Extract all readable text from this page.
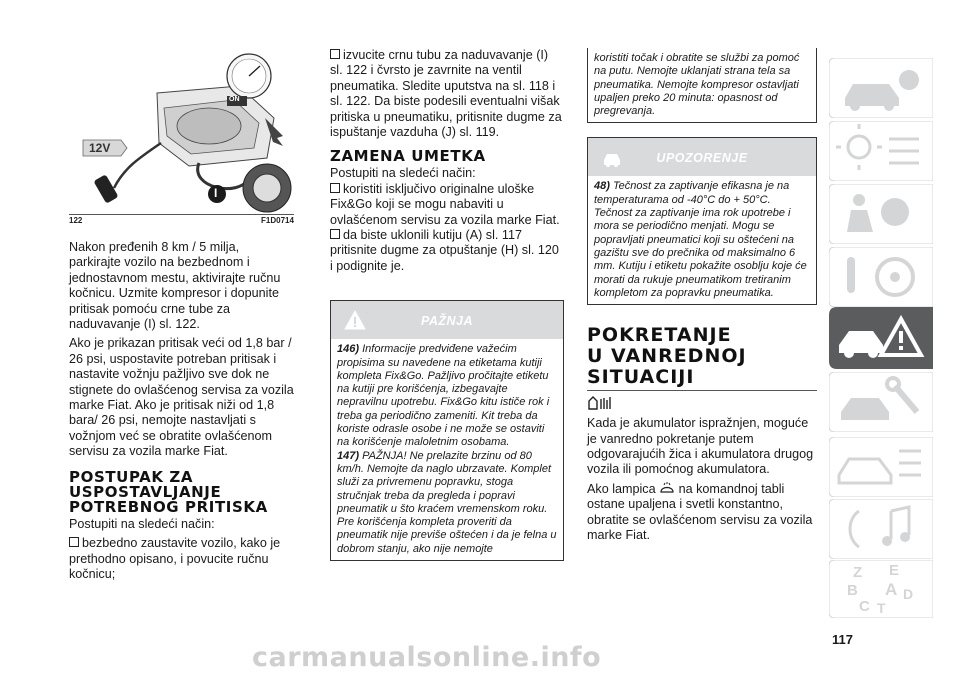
12V
ON
I
122	F1D0714

Nakon pređenih 8 km / 5 milja, parkirajte vozilo na bezbednom i jednostavnom mestu, aktivirajte ručnu kočnicu. Uzmite kompresor i dopunite pritisak pomoću crne tube za naduvavanje (I) sl. 122.

Ako je prikazan pritisak veći od 1,8 bar / 26 psi, uspostavite potreban pritisak i nastavite vožnju pažljivo sve dok ne stignete do ovlašćenog servisa za vozila marke Fiat. Ako je pritisak niži od 1,8 bara/ 26 psi, nemojte nastavljati s vožnjom već se obratite ovlašćenom servisu za vozila marke Fiat.

POSTUPAK ZA
USPOSTAVLJANJE
POTREBNOG PRITISKA

Postupiti na sledeći način:

bezbedno zaustavite vozilo, kako je prethodno opisano, i povucite ručnu kočnicu;

izvucite crnu tubu za naduvavanje (I) sl. 122 i čvrsto je zavrnite na ventil pneumatika. Sledite uputstva na sl. 118 i sl. 122. Da biste podesili eventualni višak pritiska u pneumatiku, pritisnite dugme za ispuštanje vazduha (J) sl. 119.

ZAMENA UMETKA

Postupiti na sledeći način:

koristiti isključivo originalne uloške Fix&Go koji se mogu nabaviti u ovlašćenom servisu za vozila marke Fiat.

da biste uklonili kutiju (A) sl. 117 pritisnite dugme za otpuštanje (H) sl. 120 i podignite je.

PAŽNJA

146) Informacije predviđene važećim propisima su navedene na etiketama kutiji kompleta Fix&Go. Pažljivo pročitajte etiketu na kutiji pre korišćenja, izbegavajte nepravilnu upotrebu. Fix&Go kitu ističe rok i treba ga periodično zameniti. Kit treba da koriste odrasle osobe i ne može se ostaviti na korišćenje maloletnim osobama.
147) PAŽNJA! Ne prelazite brzinu od 80 km/h. Nemojte da naglo ubrzavate. Komplet služi za privremenu popravku, stoga stručnjak treba da pregleda i popravi pneumatik u što kraćem vremenskom roku. Pre korišćenja kompleta proveriti da pneumatik nije previše oštećen i da je felna u dobrom stanju, ako nije nemojte

koristiti točak i obratite se službi za pomoć na putu. Nemojte uklanjati strana tela sa pneumatika. Nemojte kompresor ostavljati upaljen preko 20 minuta: opasnost od pregrevanja.

UPOZORENJE

48) Tečnost za zaptivanje efikasna je na temperaturama od -40°C do + 50°C. Tečnost za zaptivanje ima rok upotrebe i mora se periodično menjati. Mogu se popravljati pneumatici koji su oštećeni na gazištu sve do prečnika od maksimalno 6 mm. Kutiju i etiketu pokažite osoblju koje će morati da rukuje pneumatikom tretiranim kompletom za popravku pneumatika.

POKRETANJE
U VANREDNOJ
SITUACIJI

Kada je akumulator ispražnjen, moguće je vanredno pokretanje putem odgovarajućih žica i akumulatora drugog vozila ili pomoćnog akumulatora.

Ako lampica na komandnoj tabli ostane upaljena i svetli konstantno, obratite se ovlašćenom servisu za vozila marke Fiat.

Z E
B A
C T
D
117
carmanualsonline.info
